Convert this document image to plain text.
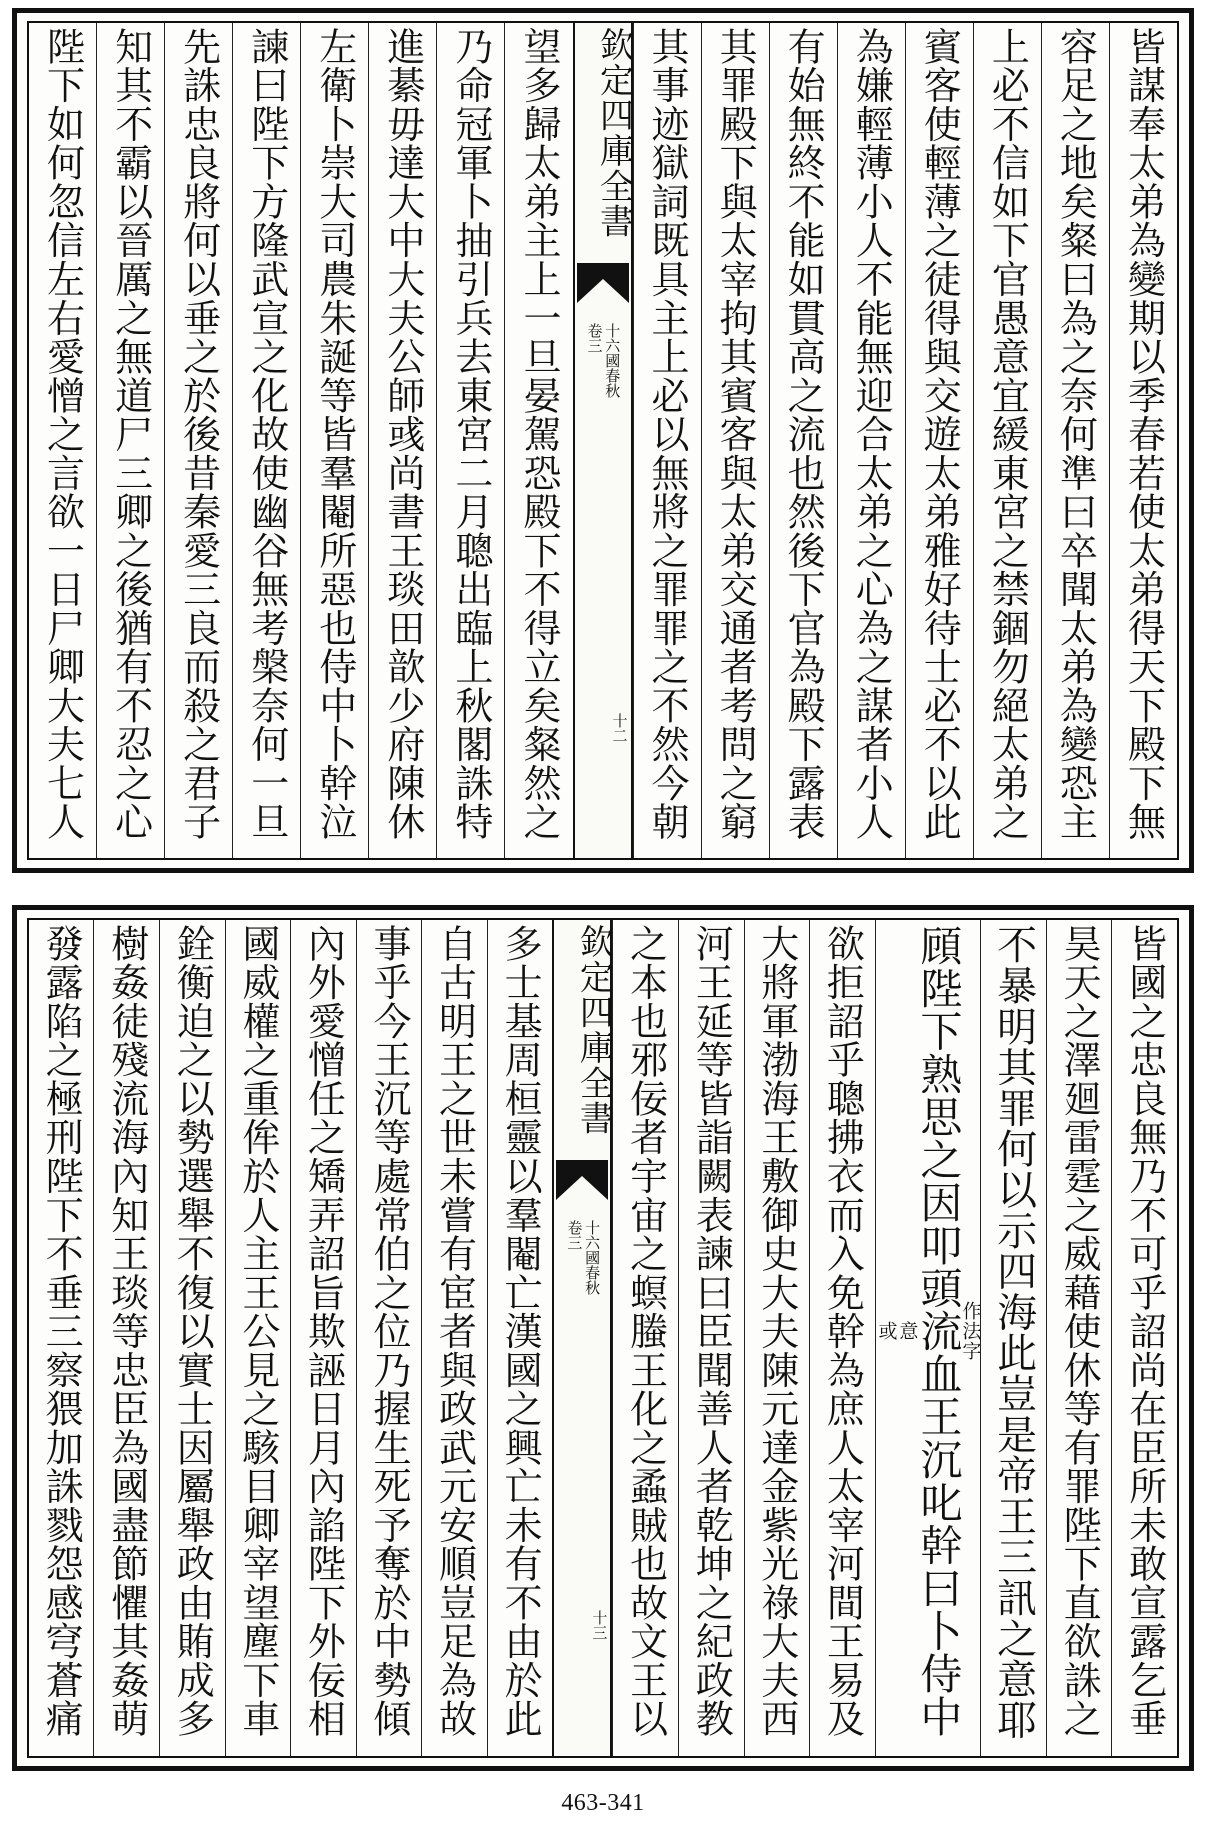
皆謀奉太弟為變期以季春若使太弟得天下殿下無
容足之地矣粲曰為之奈何準曰卒聞太弟為變恐主
上必不信如下官愚意宜緩東宮之禁錮勿絕太弟之
賓客使輕薄之徒得與交遊太弟雅好待士必不以此
為嫌輕薄小人不能無迎合太弟之心為之謀者小人
有始無終不能如貫高之流也然後下官為殿下露表
其罪殿下與太宰拘其賓客與太弟交通者考問之窮
其事迹獄詞既具主上必以無將之罪罪之不然今朝
欽定四庫全書
十六國春秋
卷三
十二
望多歸太弟主上一旦晏駕恐殿下不得立矣粲然之
乃命冠軍卜抽引兵去東宮二月聰出臨上秋閣誅特
進綦毋達大中大夫公師彧尚書王琰田歆少府陳休
左衛卜崇大司農朱誕等皆羣閹所惡也侍中卜幹泣
諫曰陛下方隆武宣之化故使幽谷無考槃奈何一旦
先誅忠良將何以垂之於後昔秦愛三良而殺之君子
知其不霸以晉厲之無道尸三卿之後猶有不忍之心
陛下如何忽信左右愛憎之言欲一日尸卿大夫七人
皆國之忠良無乃不可乎詔尚在臣所未敢宣露乞垂
昊天之澤廻雷霆之威藉使休等有罪陛下直欲誅之
不暴明其罪何以示四海此豈是帝王三訊之意耶
作法字
頋陛下熟思之因叩頭流血王沉叱幹曰卜侍中
意
或
欲拒詔乎聰拂衣而入免幹為庶人太宰河間王易及
大將軍渤海王敷御史大夫陳元達金紫光祿大夫西
河王延等皆詣闕表諫曰臣聞善人者乾坤之紀政教
之本也邪佞者宇宙之螟螣王化之蟊賊也故文王以
欽定四庫全書
十六國春秋
卷三
十三
多士基周桓靈以羣閹亡漢國之興亡未有不由於此
自古明王之世未嘗有宦者與政武元安順豈足為故
事乎今王沉等處常伯之位乃握生死予奪於中勢傾
內外愛憎任之矯弄詔旨欺誣日月內諂陛下外佞相
國威權之重侔於人主王公見之駭目卿宰望塵下車
銓衡迫之以勢選舉不復以實士因屬舉政由賄成多
樹姦徒殘流海內知王琰等忠臣為國盡節懼其姦萌
發露陷之極刑陛下不垂三察猥加誅戮怨感穹蒼痛
463-341
